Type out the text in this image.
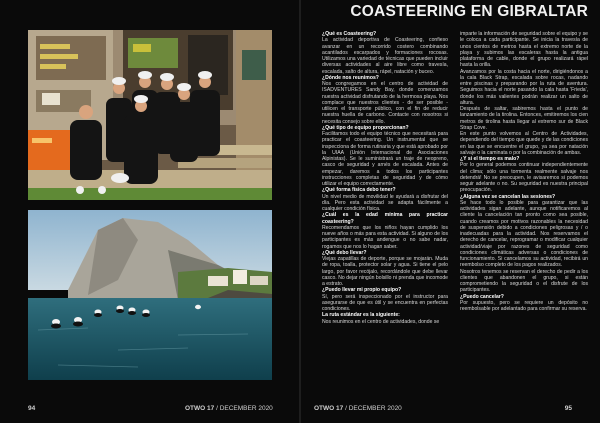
COASTEERING EN GIBRALTAR

¿Qué es Coasteering?

La actividad deportiva de Coasteering, confieso avanzar en un recorrido costero combinando acantilados escarpados y formaciones rocosas. Utilizamos una variedad de técnicas que pueden incluir diversas actividades al aire libre como travesía, escalada, salto de altura, rápel, natación y buceo.

¿Dónde nos reunimos?

Nos congregamos en el centro de actividad de ISADVENTURES Sandy Bay, donde comenzamos nuestra actividad disfrutando de la hermosa playa. Nos complace que nuestros clientes - de ser posible - utilicen el transporte público, con el fin de reducir nuestra huella de carbono. Contacte con nosotros si necesita consejo sobre ello.

¿Qué tipo de equipo proporcionan?

Facilitamos todo el equipo técnico que necesitará para practicar el coasteering. Un instrumental que se inspecciona de forma rutinaria y que está aprobado por la UIAA (Unión Internacional de Asociaciones Alpinistas). Se le suministrará un traje de neopreno, casco de seguridad y arnés de escalada. Antes de empezar, daremos a todos los participantes instrucciones completas de seguridad y de cómo utilizar el equipo correctamente.

¿Qué forma física debo tener?

Un nivel medio de movilidad le ayudará a disfrutar del día. Pero esta actividad se adapta fácilmente a cualquier condición física.

¿Cuál es la edad mínima para practicar coasteering?

Recomendamos que los niños hayan cumplido los nueve años o más para esta actividad. Si alguno de los participantes es más andengue o no sabe nadar, rogamos que nos lo hagan saber.

¿Qué debo llevar?

Viejas zapatillas de deporte, porque se mojarán. Muda de ropa, toalla, protector solar y agua. Si tiene el pelo largo, por favor recójalo, recordándole que debe llevar casco. No dejar ningún bolsillo ni prenda que incomode a estrato.

¿Puedo llevar mi propio equipo?

Sí, pero será inspeccionado por el instructor para asegurarse de que es útil y se encuentra en perfectas condiciones.

La ruta estándar es la siguiente:

Nos reunimos en el centro de actividades, donde se

imparte la información de seguridad sobre el equipo y se le coloca a cada participante. Se inicia la travesía de unos cientos de metros hasta el extremo norte de la playa y subimos las escaleras hasta la antigua plataforma de cable, donde el grupo realizará rápel hasta la orilla.

Avanzamos por la costa hacia el norte, dirigiéndonos a la cala Black Strap, escalada sobre rocas, nadando entre piscinas y preparando por la ruta de aventura. Seguimos hacia el norte pasando la cala hasta 'Frieda', donde los más valientes podrán realizar un salto de altura.

Después de saltar, sabiremos hasta el punto de lanzamiento de la tirolina. Entonces, emitiremos los cien metros de tirolina hasta llegar al extremo sur de Black Strap Cove.

En este punto volvemos al Centro de Actividades, dependiendo del tiempo que quede y de las condiciones en las que se encuentre el grupo, ya sea por natación salvaje o la caminata o por la combinación de ambas.

¿Y si el tiempo es malo?

Por lo general podemos continuar independientemente del clima; sólo una tormenta realmente salvaje nos detendrá! No se preocupen, le avisaremos si podemos seguir adelante o no. Su seguridad es nuestra principal preocupación.

¿Alguna vez se cancelan las sesiones?

Se hace todo lo posible para garantizar que las actividades sigan adelante, aunque notificaremos al cliente la cancelación tan pronto como sea posible, cuando creamos por motivos razonables la necesidad de suspensión debido a condiciones peligrosas y / o inadecuadas para la actividad. Nos reservamos el derecho de cancelar, reprogramar o modificar cualquier actividad/viaje por razones de seguridad como condiciones climáticas adversas o condiciones de funcionamiento. Si cancelamos su actividad, recibirá un reembolso completo de los pagos realizados.

Nosotros tenemos se reservan el derecho de pedir a los clientes que abandonen el grupo, si están comprometiendo la seguridad o el disfrute de los participantes.

¿Puedo cancelar?

Por supuesto, pero se requiere un depósito no reembolsable por adelantado para confirmar su reserva.

94	OTWO 17 / DECEMBER 2020	OTWO 17 / DECEMBER 2020	95
